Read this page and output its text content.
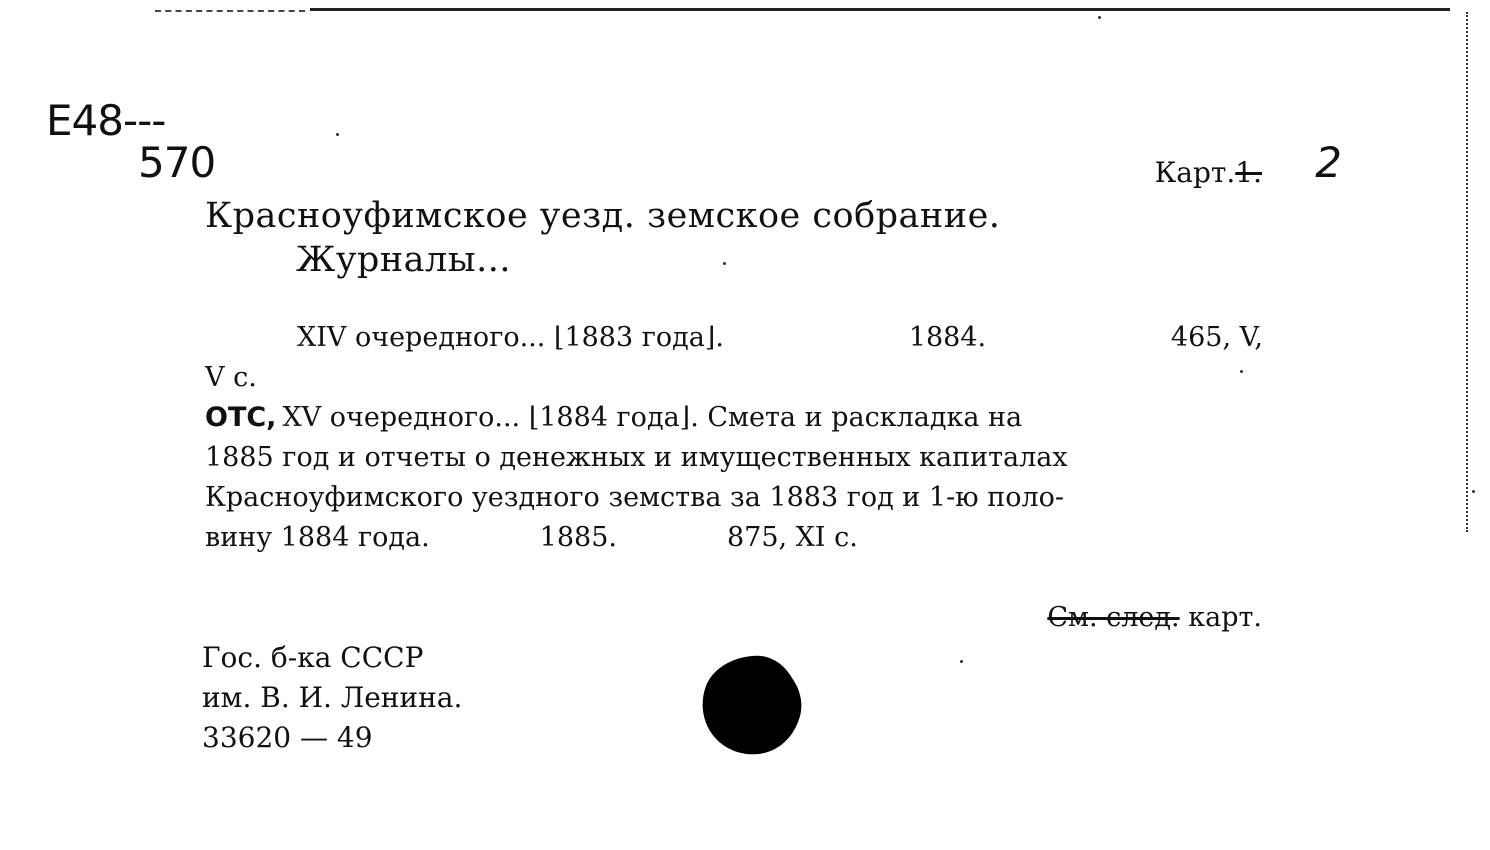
Е48---
570	Карт.1. 2
Красноуфимское уезд. земское собрание.
Журналы...
XIV очередного... ⌊1883 года⌋.	1884.	465, V,
V с.
ОТС, XV очередного... ⌊1884 года⌋. Смета и раскладка на
1885 год и отчеты о денежных и имущественных капиталах
Красноуфимского уездного земства за 1883 год и 1-ю поло-
вину 1884 года.	1885.	875, XI с.
См. след. карт.
Гос. б-ка СССР
им. В. И. Ленина.
33620 — 49
